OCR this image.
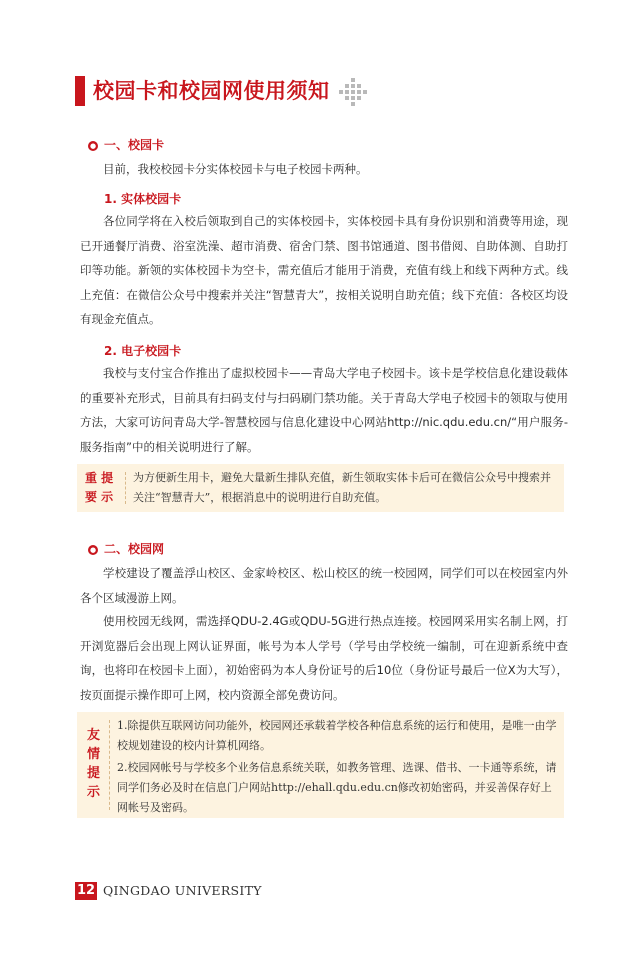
校园卡和校园网使用须知
● 一、校园卡
目前，我校校园卡分实体校园卡与电子校园卡两种。
1. 实体校园卡
各位同学将在入校后领取到自己的实体校园卡，实体校园卡具有身份识别和消费等用途，现已开通餐厅消费、浴室洗澡、超市消费、宿舍门禁、图书馆通道、图书借阅、自助体测、自助打印等功能。新领的实体校园卡为空卡，需充值后才能用于消费，充值有线上和线下两种方式。线上充值：在微信公众号中搜索并关注“智慧青大”，按相关说明自助充值；线下充值：各校区均设有现金充值点。
2. 电子校园卡
我校与支付宝合作推出了虚拟校园卡——青岛大学电子校园卡。该卡是学校信息化建设载体的重要补充形式，目前具有扫码支付与扫码刷门禁功能。关于青岛大学电子校园卡的领取与使用方法，大家可访问青岛大学-智慧校园与信息化建设中心网站http://nic.qdu.edu.cn/“用户服务-服务指南”中的相关说明进行了解。
重 提
要 示
为方便新生用卡，避免大量新生排队充值，新生领取实体卡后可在微信公众号中搜索并关注“智慧青大”，根据消息中的说明进行自助充值。
● 二、校园网
学校建设了覆盖浮山校区、金家岭校区、松山校区的统一校园网，同学们可以在校园室内外各个区域漫游上网。
使用校园无线网，需选择QDU-2.4G或QDU-5G进行热点连接。校园网采用实名制上网，打开浏览器后会出现上网认证界面，帐号为本人学号（学号由学校统一编制，可在迎新系统中查询，也将印在校园卡上面），初始密码为本人身份证号的后10位（身份证号最后一位X为大写），按页面提示操作即可上网，校内资源全部免费访问。
友
情
提
示
1.除提供互联网访问功能外，校园网还承载着学校各种信息系统的运行和使用，是唯一由学校规划建设的校内计算机网络。
2.校园网帐号与学校多个业务信息系统关联，如教务管理、选课、借书、一卡通等系统，请同学们务必及时在信息门户网站http://ehall.qdu.edu.cn修改初始密码，并妥善保存好上网帐号及密码。
12 QINGDAO UNIVERSITY
